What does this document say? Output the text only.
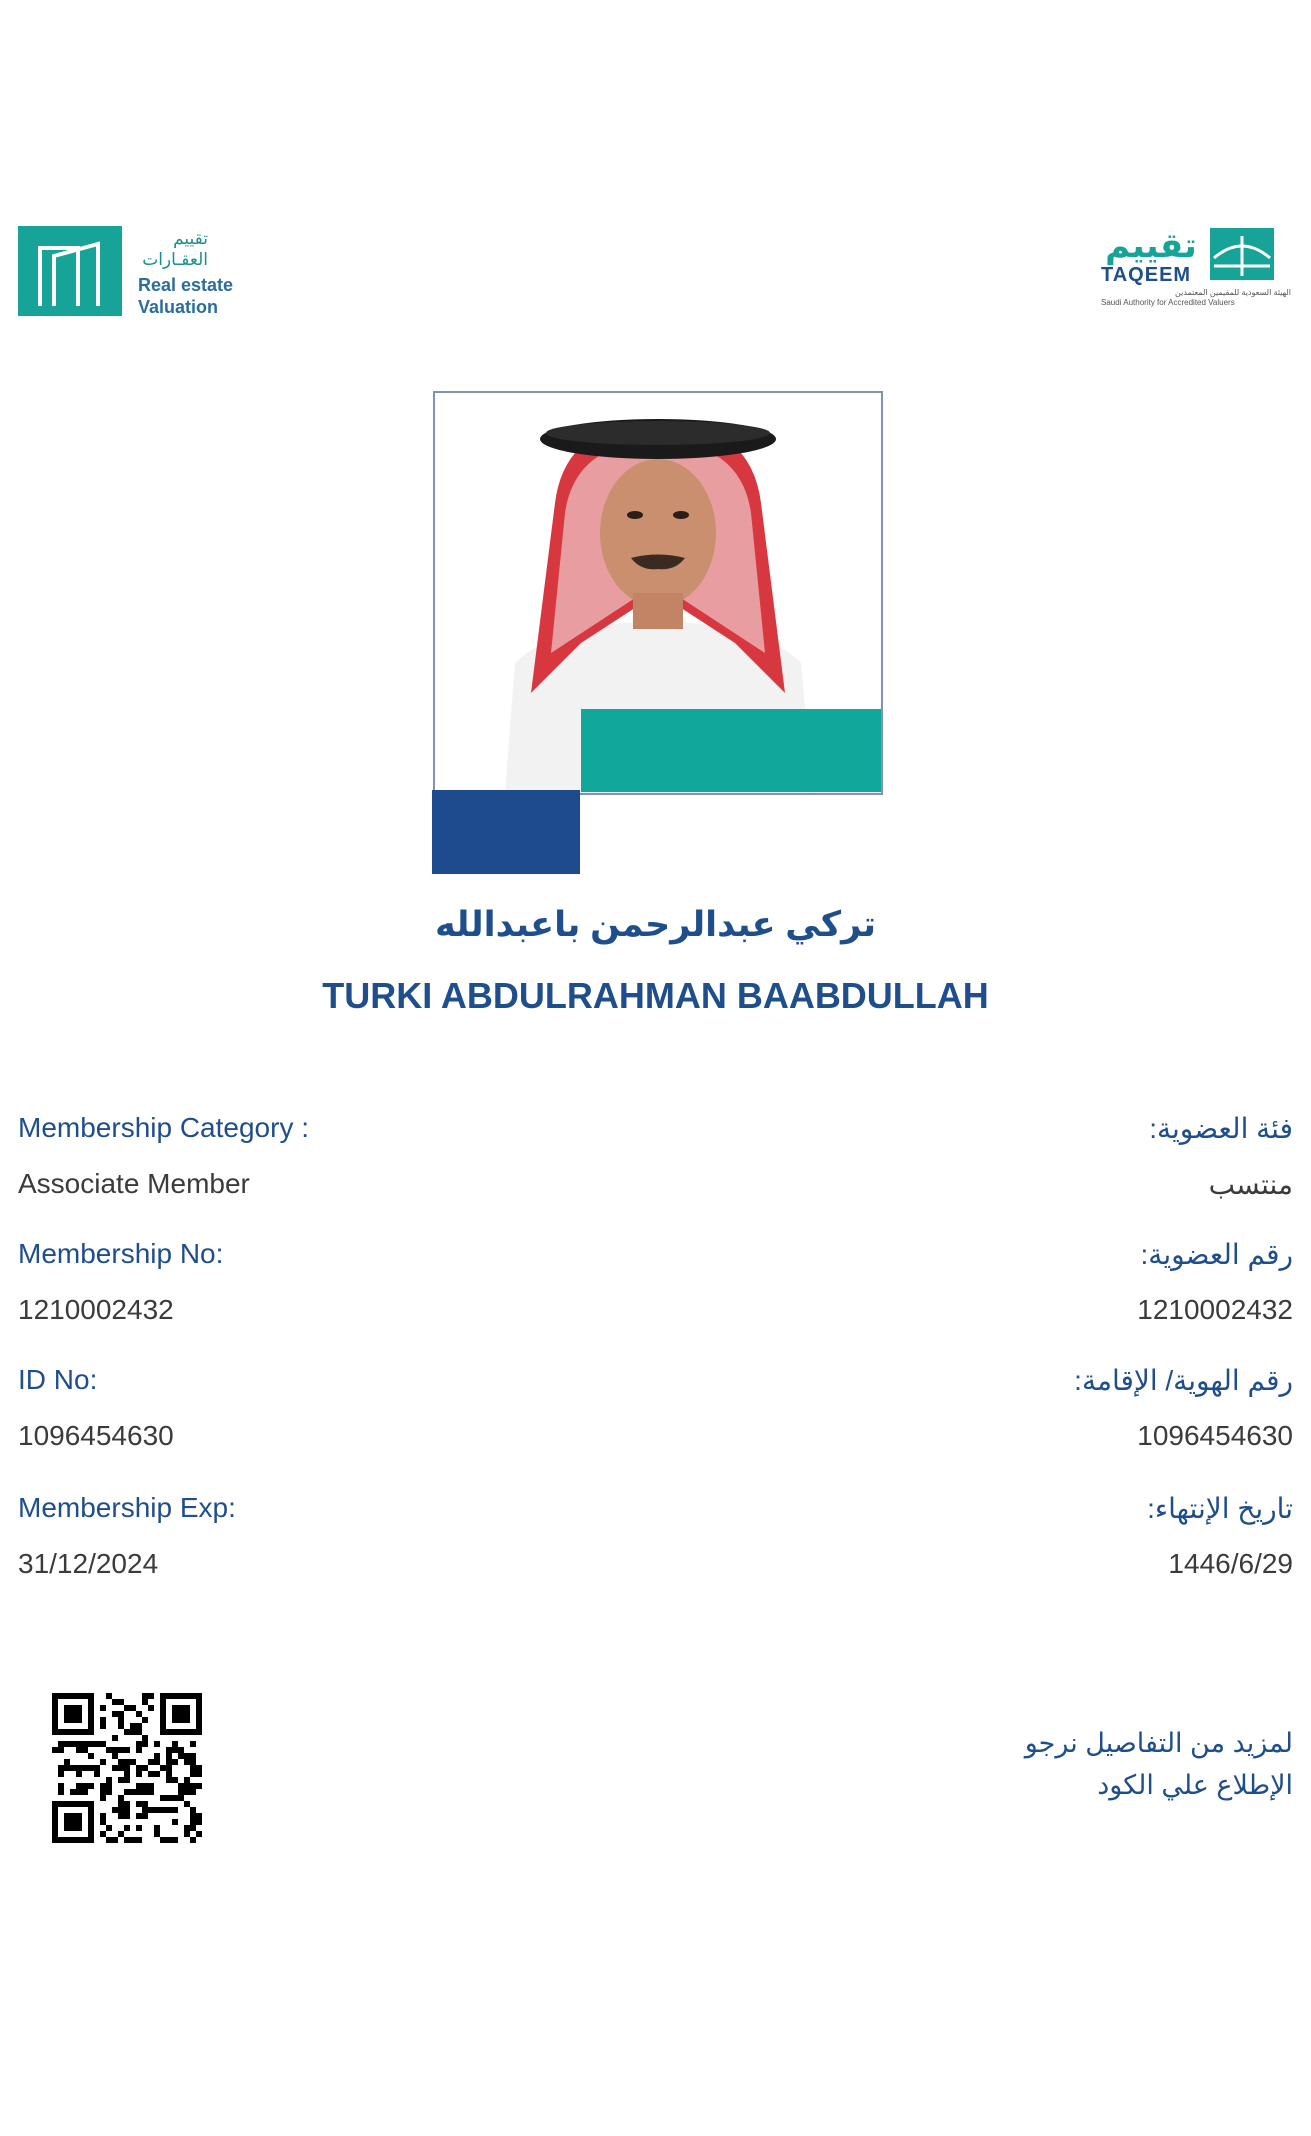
تقييم
العقـارات
Real estate
Valuation
تقييم
TAQEEM
الهيئة السعودية للمقيمين المعتمدين
Saudi Authority for Accredited Valuers
تركي عبدالرحمن باعبدالله
TURKI ABDULRAHMAN BAABDULLAH
Membership Category :	فئة العضوية:
Associate Member	منتسب
Membership No:	رقم العضوية:
1210002432	1210002432
ID No:	رقم الهوية/ الإقامة:
1096454630	1096454630
Membership Exp:	تاريخ الإنتهاء:
31/12/2024	1446/6/29
لمزيد من التفاصيل نرجو
الإطلاع علي الكود
